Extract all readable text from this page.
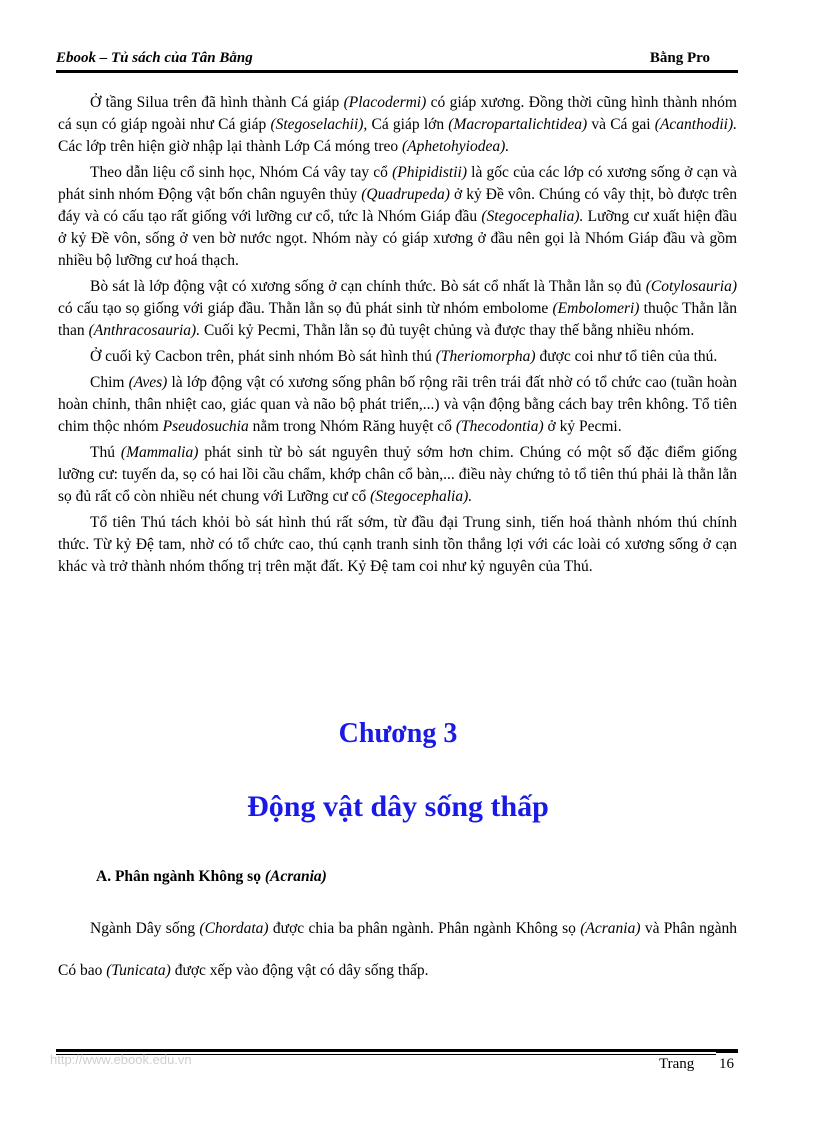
Ebook – Tủ sách của Tân Bằng	Bằng Pro

Ở tầng Silua trên đã hình thành Cá giáp (Placodermi) có giáp xương. Đồng thời cũng hình thành nhóm cá sụn có giáp ngoài như Cá giáp (Stegoselachii), Cá giáp lớn (Macropartalichtidea) và Cá gai (Acanthodii). Các lớp trên hiện giờ nhập lại thành Lớp Cá móng treo (Aphetohyiodea).

Theo dẫn liệu cổ sinh học, Nhóm Cá vây tay cổ (Phipidistii) là gốc của các lớp có xương sống ở cạn và phát sinh nhóm Động vật bốn chân nguyên thủy (Quadrupeda) ở kỷ Đề vôn. Chúng có vây thịt, bò được trên đáy và có cấu tạo rất giống với lưỡng cư cổ, tức là Nhóm Giáp đầu (Stegocephalia). Lưỡng cư xuất hiện đầu ở kỷ Đề vôn, sống ở ven bờ nước ngọt. Nhóm này có giáp xương ở đầu nên gọi là Nhóm Giáp đầu và gồm nhiều bộ lưỡng cư hoá thạch.

Bò sát là lớp động vật có xương sống ở cạn chính thức. Bò sát cổ nhất là Thằn lằn sọ đủ (Cotylosauria) có cấu tạo sọ giống với giáp đầu. Thằn lằn sọ đủ phát sinh từ nhóm embolome (Embolomeri) thuộc Thằn lằn than (Anthracosauria). Cuối kỷ Pecmi, Thằn lằn sọ đủ tuyệt chủng và được thay thế bằng nhiều nhóm.

Ở cuối kỷ Cacbon trên, phát sinh nhóm Bò sát hình thú (Theriomorpha) được coi như tổ tiên của thú.

Chim (Aves) là lớp động vật có xương sống phân bố rộng rãi trên trái đất nhờ có tổ chức cao (tuần hoàn hoàn chỉnh, thân nhiệt cao, giác quan và não bộ phát triển,...) và vận động bằng cách bay trên không. Tổ tiên chim thộc nhóm Pseudosuchia nằm trong Nhóm Răng huyệt cổ (Thecodontia) ở kỷ Pecmi.

Thú (Mammalia) phát sinh từ bò sát nguyên thuỷ sớm hơn chim. Chúng có một số đặc điểm giống lưỡng cư: tuyến da, sọ có hai lồi cầu chẩm, khớp chân cổ bàn,... điều này chứng tỏ tổ tiên thú phải là thằn lằn sọ đủ rất cổ còn nhiều nét chung với Lưỡng cư cổ (Stegocephalia).

Tổ tiên Thú tách khỏi bò sát hình thú rất sớm, từ đầu đại Trung sinh, tiến hoá thành nhóm thú chính thức. Từ kỷ Đệ tam, nhờ có tổ chức cao, thú cạnh tranh sinh tồn thắng lợi với các loài có xương sống ở cạn khác và trở thành nhóm thống trị trên mặt đất. Kỷ Đệ tam coi như kỷ nguyên của Thú.

Chương 3
Động vật dây sống thấp
A. Phân ngành Không sọ (Acrania)

Ngành Dây sống (Chordata) được chia ba phân ngành. Phân ngành Không sọ (Acrania) và Phân ngành Có bao (Tunicata) được xếp vào động vật có dây sống thấp.

http://www.ebook.edu.vn	Trang 16
